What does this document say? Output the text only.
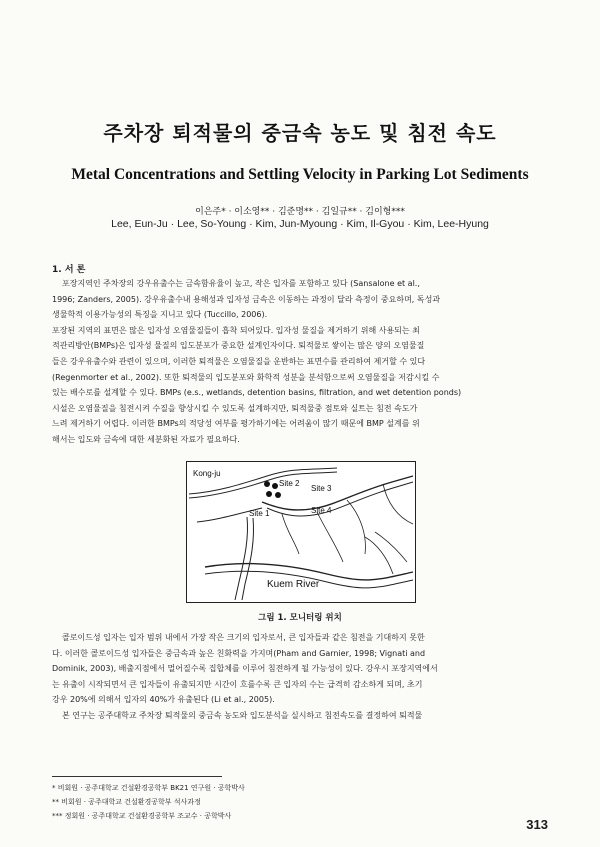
주차장 퇴적물의 중금속 농도 및 침전 속도
Metal Concentrations and Settling Velocity in Parking Lot Sediments
이은주* · 이소영** · 김준명** · 김일규** · 김이형***
Lee, Eun-Ju · Lee, So-Young · Kim, Jun-Myoung · Kim, Il-Gyou · Kim, Lee-Hyung
1. 서 론
포장지역인 주차장의 강우유출수는 금속함유율이 높고, 작은 입자를 포함하고 있다 (Sansalone et al.,
1996; Zanders, 2005). 강우유출수내 용해성과 입자성 금속은 이동하는 과정이 달라 측정이 중요하며, 독성과
생물학적 이용가능성의 특징을 지니고 있다 (Tuccillo, 2006).
포장된 지역의 표면은 많은 입자성 오염물질들이 흡착 되어있다. 입자성 물질을 제거하기 위해 사용되는 최
적관리방안(BMPs)은 입자성 물질의 입도분포가 중요한 설계인자이다. 퇴적물로 쌓이는 많은 양의 오염물질
들은 강우유출수와 관련이 있으며, 이러한 퇴적물은 오염물질을 운반하는 표면수를 관리하여 제거할 수 있다
(Regenmorter et al., 2002). 또한 퇴적물의 입도분포와 화학적 성분을 분석함으로써 오염물질을 저감시킬 수
있는 배수로를 설계할 수 있다. BMPs (e.s., wetlands, detention basins, filtration, and wet detention ponds)
시설은 오염물질을 침전시켜 수질을 향상시킬 수 있도록 설계하지만, 퇴적물중 점토와 실트는 침전 속도가
느려 제거하기 어렵다. 이러한 BMPs의 적당성 여부를 평가하기에는 어려움이 많기 때문에 BMP 설계를 위
해서는 입도와 금속에 대한 세분화된 자료가 필요하다.
Kong-ju
Site 2
Site 3
Site 4
Site 1
Kuem River
그림 1. 모니터링 위치
콜로이드성 입자는 입자 범위 내에서 가장 작은 크기의 입자로서, 큰 입자들과 같은 침전을 기대하지 못한
다. 이러한 콜로이드성 입자들은 중금속과 높은 친화력을 가지며(Pham and Garnier, 1998; Vignati and
Dominik, 2003), 배출지점에서 멀어질수록 집합체를 이루어 침전하게 될 가능성이 있다. 강우시 포장지역에서
는 유출이 시작되면서 큰 입자들이 유출되지만 시간이 흐를수록 큰 입자의 수는 급격히 감소하게 되며, 초기
강우 20%에 의해서 입자의 40%가 유출된다 (Li et al., 2005).
본 연구는 공주대학교 주차장 퇴적물의 중금속 농도와 입도분석을 실시하고 침전속도를 결정하여 퇴적물
* 비회원 · 공주대학교 건설환경공학부 BK21 연구원 · 공학박사
** 비회원 · 공주대학교 건설환경공학부 석사과정
*** 정회원 · 공주대학교 건설환경공학부 조교수 · 공학박사
313
